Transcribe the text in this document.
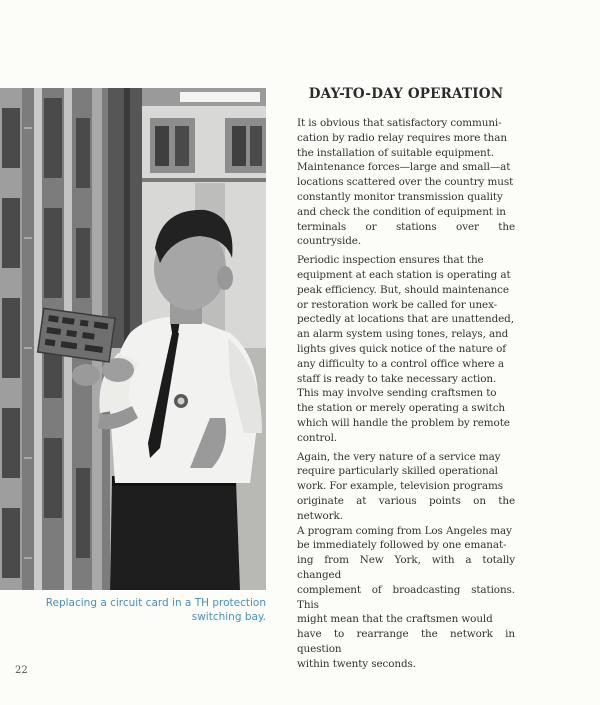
Replacing a circuit card in a TH protection switching bay.
DAY-TO-DAY OPERATION

It is obvious that satisfactory communi-
cation by radio relay requires more than
the installation of suitable equipment.
Maintenance forces—large and small—at
locations scattered over the country must
constantly monitor transmission quality
and check the condition of equipment in
terminals or stations over the countryside.

Periodic inspection ensures that the
equipment at each station is operating at
peak efficiency. But, should maintenance
or restoration work be called for unex-
pectedly at locations that are unattended,
an alarm system using tones, relays, and
lights gives quick notice of the nature of
any difficulty to a control office where a
staff is ready to take necessary action.
This may involve sending craftsmen to
the station or merely operating a switch
which will handle the problem by remote
control.

Again, the very nature of a service may
require particularly skilled operational
work. For example, television programs
originate at various points on the network.
A program coming from Los Angeles may
be immediately followed by one emanat-
ing from New York, with a totally changed
complement of broadcasting stations. This
might mean that the craftsmen would
have to rearrange the network in question
within twenty seconds.

22
